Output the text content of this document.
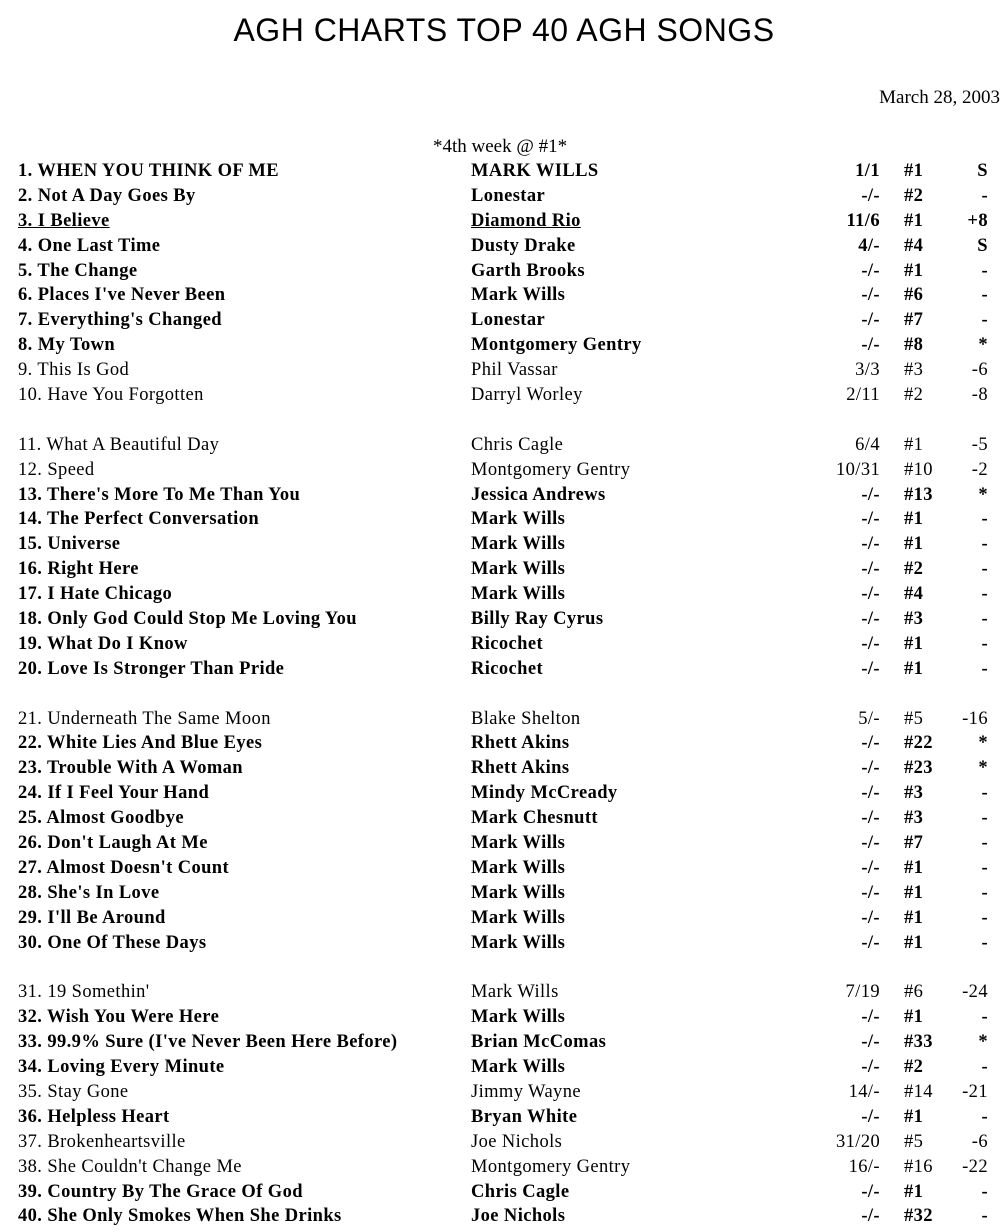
AGH CHARTS TOP 40 AGH SONGS
March 28, 2003
*4th week @ #1*
1. WHEN YOU THINK OF ME	MARK WILLS	1/1 #1	S
2. Not A Day Goes By	Lonestar	-/- #2	-
3. I Believe	Diamond Rio	11/6 #1	+8
4. One Last Time	Dusty Drake	4/- #4	S
5. The Change	Garth Brooks	-/- #1	-
6. Places I've Never Been	Mark Wills	-/- #6	-
7. Everything's Changed	Lonestar	-/- #7	-
8. My Town	Montgomery Gentry	-/- #8	*
9. This Is God	Phil Vassar	3/3 #3	-6
10. Have You Forgotten	Darryl Worley	2/11 #2	-8
11. What A Beautiful Day	Chris Cagle	6/4 #1	-5
12. Speed	Montgomery Gentry	10/31 #10	-2
13. There's More To Me Than You	Jessica Andrews	-/- #13	*
14. The Perfect Conversation	Mark Wills	-/- #1	-
15. Universe	Mark Wills	-/- #1	-
16. Right Here	Mark Wills	-/- #2	-
17. I Hate Chicago	Mark Wills	-/- #4	-
18. Only God Could Stop Me Loving You	Billy Ray Cyrus	-/- #3	-
19. What Do I Know	Ricochet	-/- #1	-
20. Love Is Stronger Than Pride	Ricochet	-/- #1	-
21. Underneath The Same Moon	Blake Shelton	5/- #5	-16
22. White Lies And Blue Eyes	Rhett Akins	-/- #22	*
23. Trouble With A Woman	Rhett Akins	-/- #23	*
24. If I Feel Your Hand	Mindy McCready	-/- #3	-
25. Almost Goodbye	Mark Chesnutt	-/- #3	-
26. Don't Laugh At Me	Mark Wills	-/- #7	-
27. Almost Doesn't Count	Mark Wills	-/- #1	-
28. She's In Love	Mark Wills	-/- #1	-
29. I'll Be Around	Mark Wills	-/- #1	-
30. One Of These Days	Mark Wills	-/- #1	-
31. 19 Somethin'	Mark Wills	7/19 #6	-24
32. Wish You Were Here	Mark Wills	-/- #1	-
33. 99.9% Sure (I've Never Been Here Before)	Brian McComas	-/- #33	*
34. Loving Every Minute	Mark Wills	-/- #2	-
35. Stay Gone	Jimmy Wayne	14/- #14	-21
36. Helpless Heart	Bryan White	-/- #1	-
37. Brokenheartsville	Joe Nichols	31/20 #5	-6
38. She Couldn't Change Me	Montgomery Gentry	16/- #16	-22
39. Country By The Grace Of God	Chris Cagle	-/- #1	-
40. She Only Smokes When She Drinks	Joe Nichols	-/- #32	-
